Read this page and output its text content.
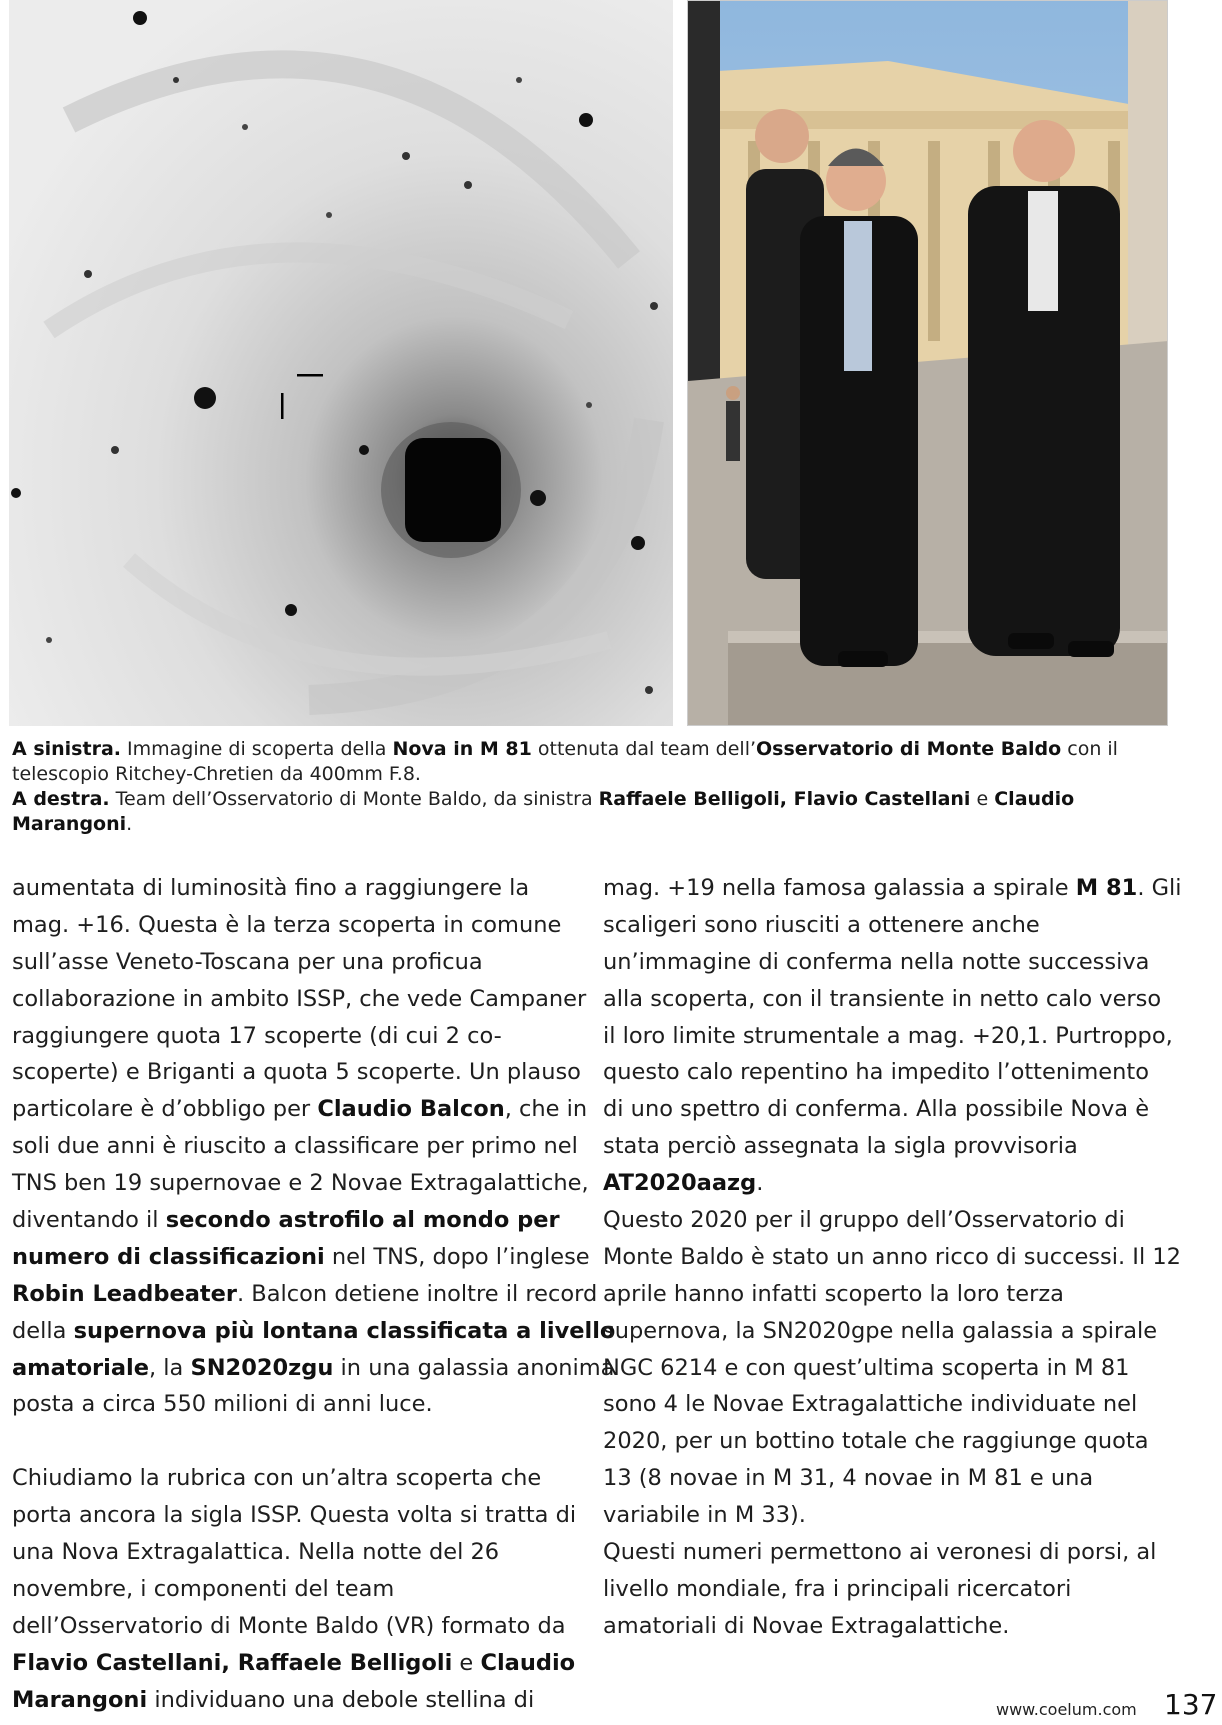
A sinistra. Immagine di scoperta della Nova in M 81 ottenuta dal team dell’Osservatorio di Monte Baldo con il telescopio Ritchey-Chretien da 400mm F.8.
A destra. Team dell’Osservatorio di Monte Baldo, da sinistra Raffaele Belligoli, Flavio Castellani e Claudio Marangoni.
aumentata di luminosità fino a raggiungere la
mag. +16. Questa è la terza scoperta in comune
sull’asse Veneto-Toscana per una proficua
collaborazione in ambito ISSP, che vede Campaner
raggiungere quota 17 scoperte (di cui 2 co-
scoperte) e Briganti a quota 5 scoperte. Un plauso
particolare è d’obbligo per Claudio Balcon, che in
soli due anni è riuscito a classificare per primo nel
TNS ben 19 supernovae e 2 Novae Extragalattiche,
diventando il secondo astrofilo al mondo per
numero di classificazioni nel TNS, dopo l’inglese
Robin Leadbeater. Balcon detiene inoltre il record
della supernova più lontana classificata a livello
amatoriale, la SN2020zgu in una galassia anonima
posta a circa 550 milioni di anni luce.
Chiudiamo la rubrica con un’altra scoperta che
porta ancora la sigla ISSP. Questa volta si tratta di
una Nova Extragalattica. Nella notte del 26
novembre, i componenti del team
dell’Osservatorio di Monte Baldo (VR) formato da
Flavio Castellani, Raffaele Belligoli e Claudio
Marangoni individuano una debole stellina di
mag. +19 nella famosa galassia a spirale M 81. Gli
scaligeri sono riusciti a ottenere anche
un’immagine di conferma nella notte successiva
alla scoperta, con il transiente in netto calo verso
il loro limite strumentale a mag. +20,1. Purtroppo,
questo calo repentino ha impedito l’ottenimento
di uno spettro di conferma. Alla possibile Nova è
stata perciò assegnata la sigla provvisoria
AT2020aazg.
Questo 2020 per il gruppo dell’Osservatorio di
Monte Baldo è stato un anno ricco di successi. Il 12
aprile hanno infatti scoperto la loro terza
supernova, la SN2020gpe nella galassia a spirale
NGC 6214 e con quest’ultima scoperta in M 81
sono 4 le Novae Extragalattiche individuate nel
2020, per un bottino totale che raggiunge quota
13 (8 novae in M 31, 4 novae in M 81 e una
variabile in M 33).
Questi numeri permettono ai veronesi di porsi, al
livello mondiale, fra i principali ricercatori
amatoriali di Novae Extragalattiche.
www.coelum.com 137
